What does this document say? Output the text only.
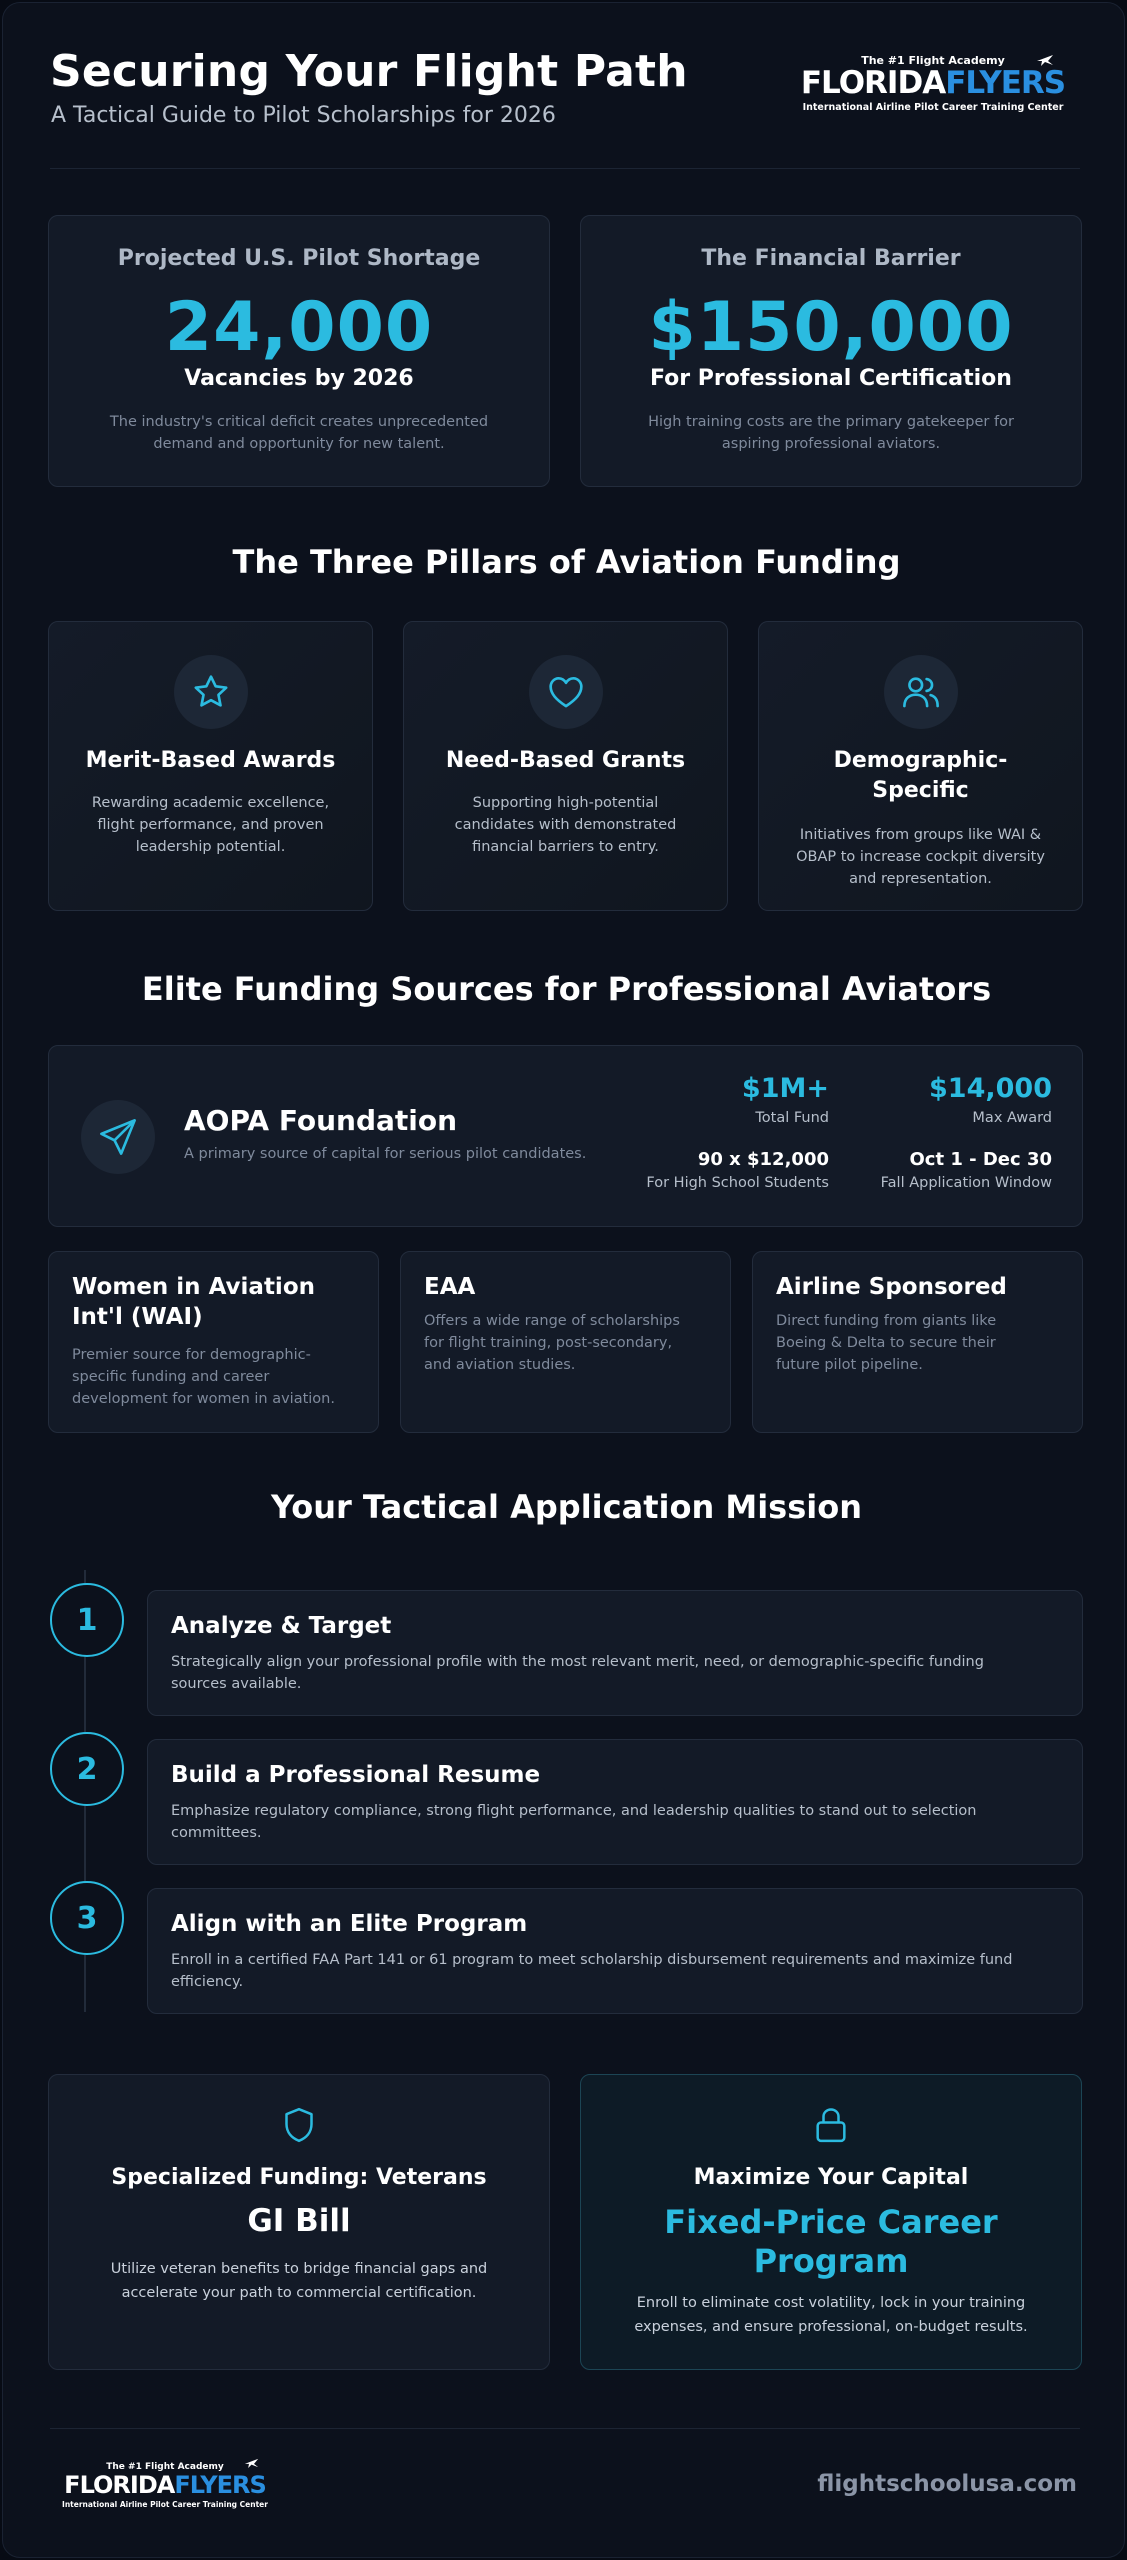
Securing Your Flight Path
A Tactical Guide to Pilot Scholarships for 2026
The #1 Flight Academy
FLORIDAFLYERS
International Airline Pilot Career Training Center
Projected U.S. Pilot Shortage
24,000
Vacancies by 2026
The industry's critical deficit creates unprecedented demand and opportunity for new talent.
The Financial Barrier
$150,000
For Professional Certification
High training costs are the primary gatekeeper for aspiring professional aviators.
The Three Pillars of Aviation Funding
Merit-Based Awards

Rewarding academic excellence, flight performance, and proven leadership potential.

Need-Based Grants

Supporting high-potential candidates with demonstrated financial barriers to entry.

Demographic-Specific

Initiatives from groups like WAI & OBAP to increase cockpit diversity and representation.

Elite Funding Sources for Professional Aviators
AOPA Foundation
A primary source of capital for serious pilot candidates.
$1M+
Total Fund
$14,000
Max Award
90 x $12,000
For High School Students
Oct 1 - Dec 30
Fall Application Window
Women in Aviation Int'l (WAI)

Premier source for demographic-specific funding and career development for women in aviation.

EAA

Offers a wide range of scholarships for flight training, post-secondary, and aviation studies.

Airline Sponsored

Direct funding from giants like Boeing & Delta to secure their future pilot pipeline.

Your Tactical Application Mission
1	Analyze & Target

Strategically align your professional profile with the most relevant merit, need, or demographic-specific funding sources available.

2	Build a Professional Resume

Emphasize regulatory compliance, strong flight performance, and leadership qualities to stand out to selection committees.

3	Align with an Elite Program

Enroll in a certified FAA Part 141 or 61 program to meet scholarship disbursement requirements and maximize fund efficiency.

Specialized Funding: Veterans
GI Bill
Utilize veteran benefits to bridge financial gaps and accelerate your path to commercial certification.
Maximize Your Capital
Fixed-Price Career Program
Enroll to eliminate cost volatility, lock in your training expenses, and ensure professional, on-budget results.
The #1 Flight Academy
FLORIDAFLYERS
International Airline Pilot Career Training Center
flightschoolusa.com
